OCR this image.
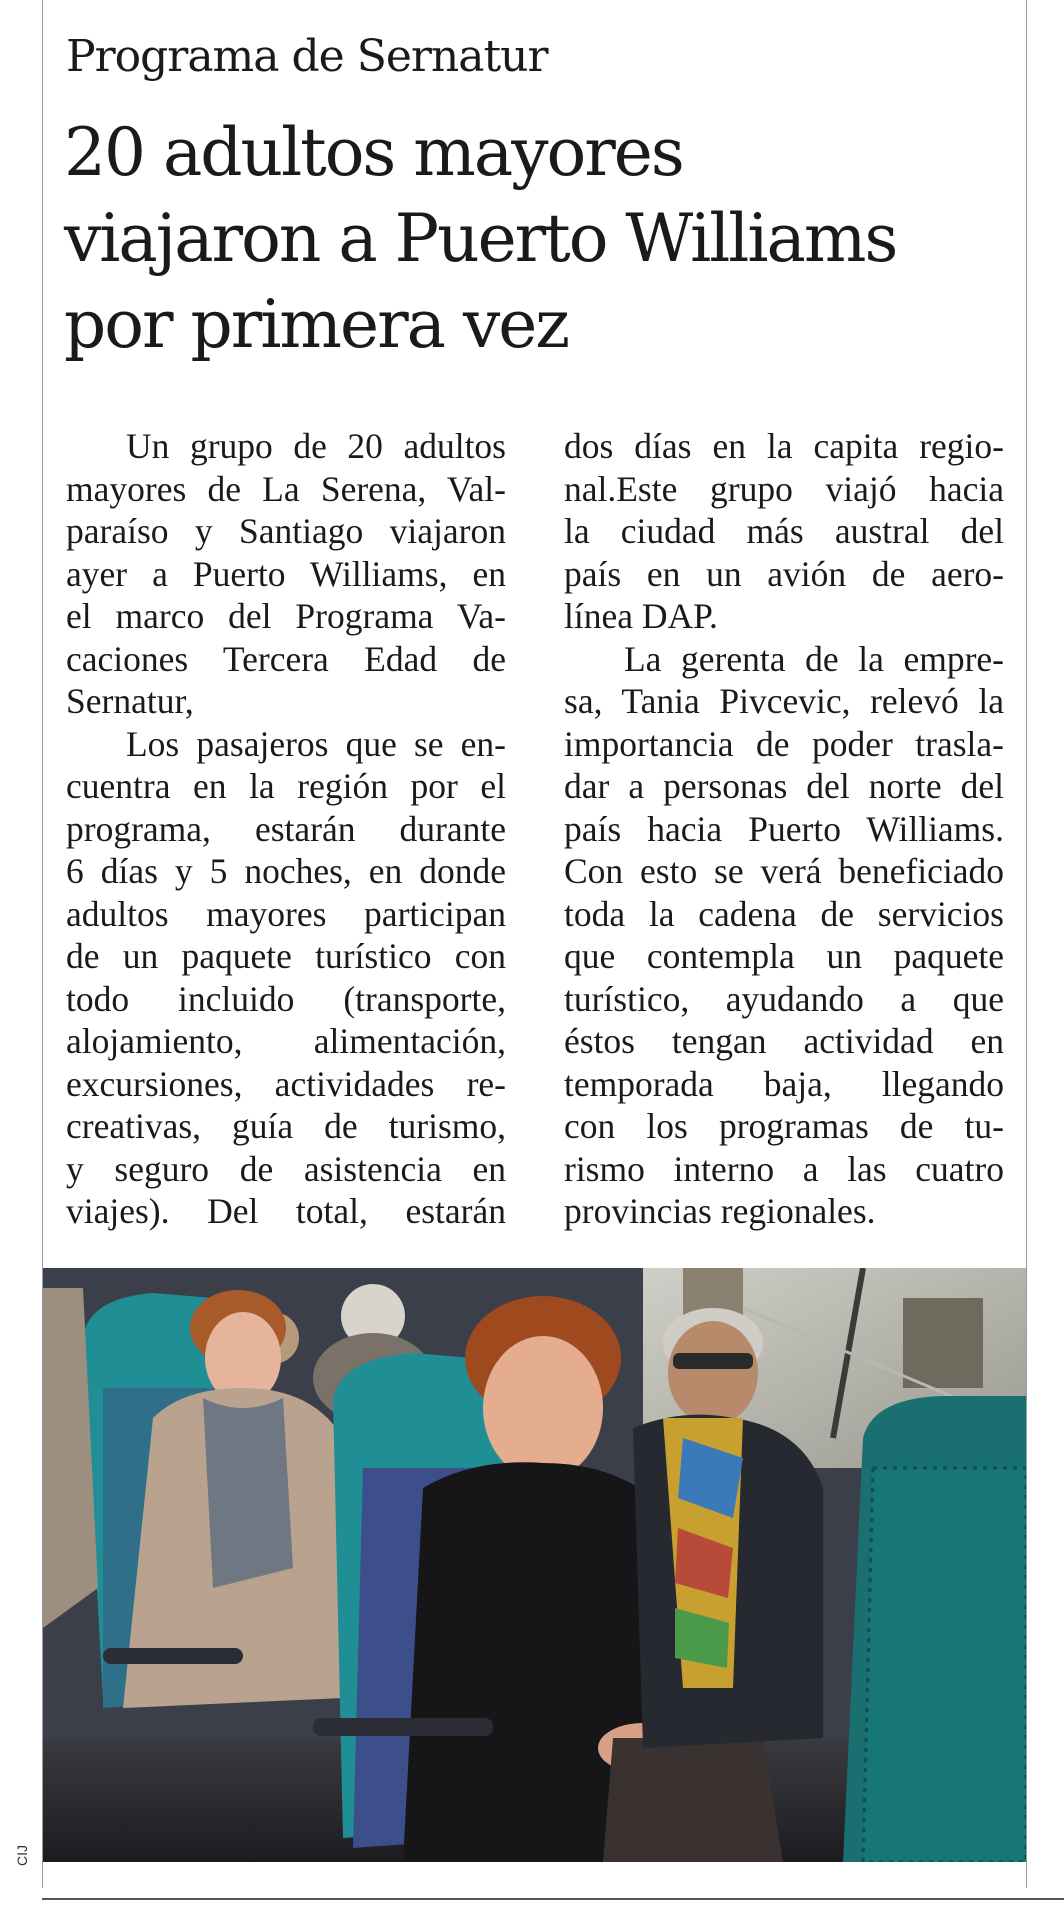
Programa de Sernatur
20 adultos mayores
viajaron a Puerto Williams
por primera vez
Un grupo de 20 adultos
mayores de La Serena, Val-
paraíso y Santiago viajaron
ayer a Puerto Williams, en
el marco del Programa Va-
caciones Tercera Edad de
Sernatur,
Los pasajeros que se en-
cuentra en la región por el
programa, estarán durante
6 días y 5 noches, en donde
adultos mayores participan
de un paquete turístico con
todo incluido (transporte,
alojamiento, alimentación,
excursiones, actividades re-
creativas, guía de turismo,
y seguro de asistencia en
viajes). Del total, estarán
dos días en la capita regio-
nal.Este grupo viajó hacia
la ciudad más austral del
país en un avión de aero-
línea DAP.
La gerenta de la empre-
sa, Tania Pivcevic, relevó la
importancia de poder trasla-
dar a personas del norte del
país hacia Puerto Williams.
Con esto se verá beneficiado
toda la cadena de servicios
que contempla un paquete
turístico, ayudando a que
éstos tengan actividad en
temporada baja, llegando
con los programas de tu-
rismo interno a las cuatro
provincias regionales.
CIJ
